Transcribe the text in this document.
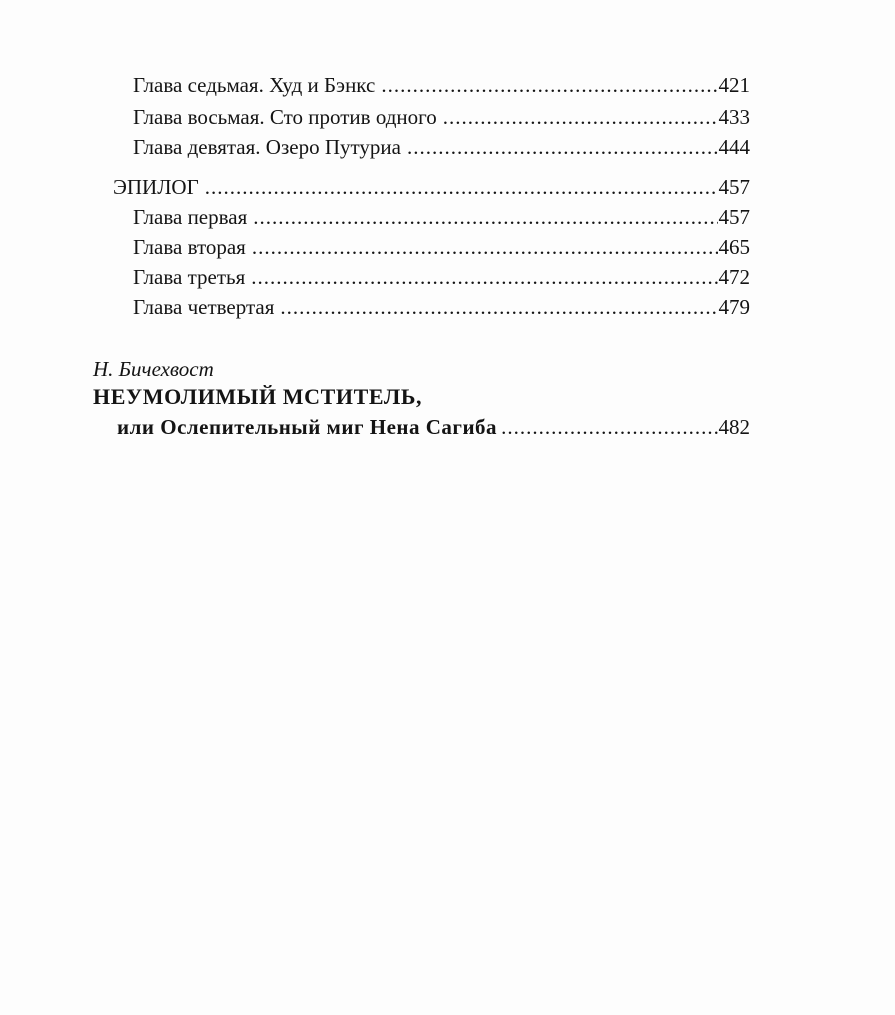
Глава седьмая. Худ и Бэнкс .....	421
Глава восьмая. Сто против одного .....	433
Глава девятая. Озеро Путуриа .....	444
ЭПИЛОГ .....	457
Глава первая .....	457
Глава вторая .....	465
Глава третья .....	472
Глава четвертая .....	479
Н. Бичехвост
НЕУМОЛИМЫЙ МСТИТЕЛЬ,
или Ослепительный миг Нена Сагиба .....	482
